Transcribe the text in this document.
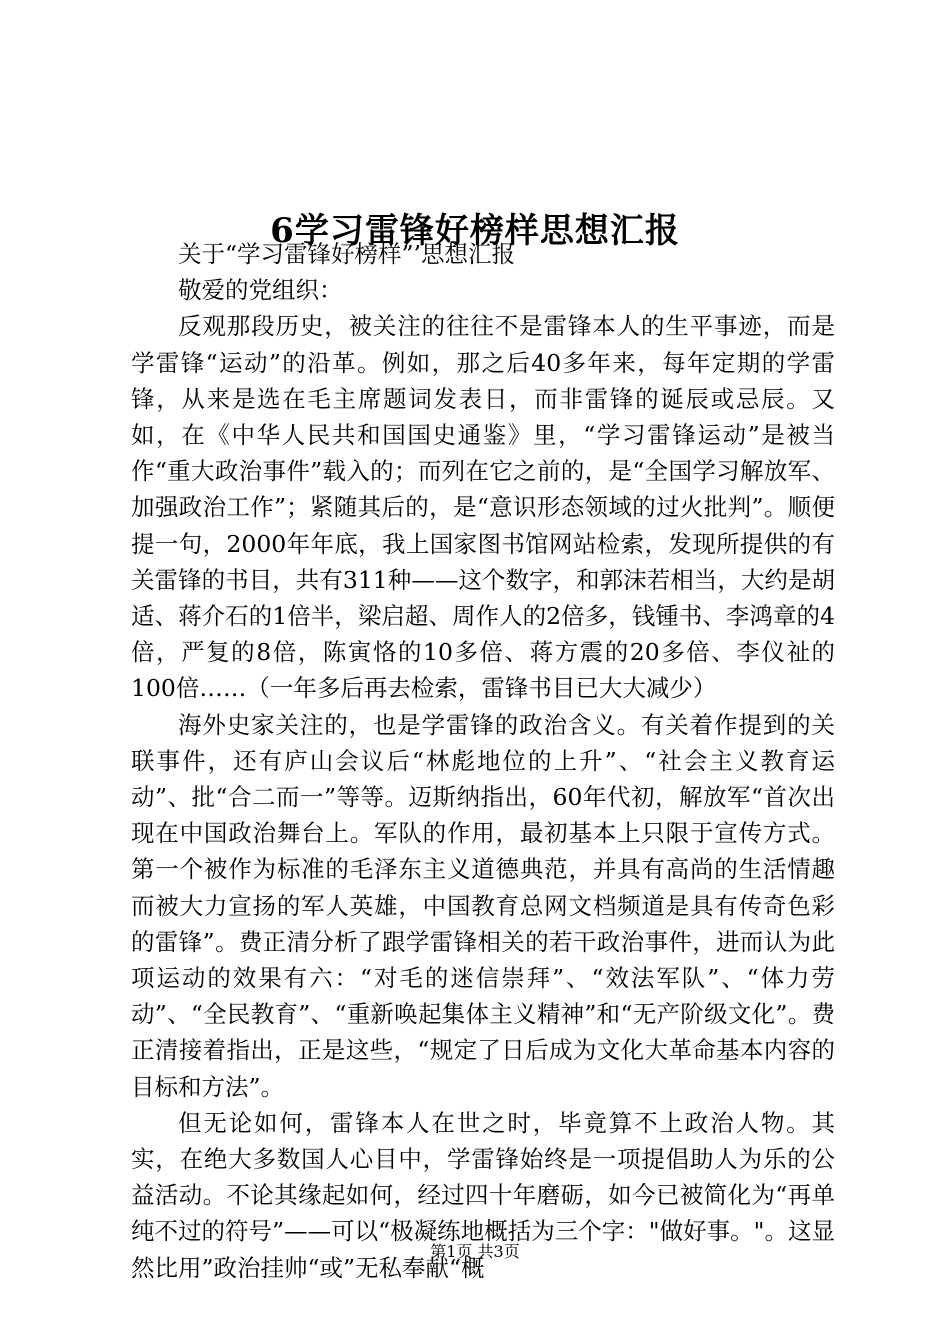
6学习雷锋好榜样思想汇报

关于“学习雷锋好榜样”’思想汇报

敬爱的党组织：

反观那段历史，被关注的往往不是雷锋本人的生平事迹，而是学雷锋“运动”的沿革。例如，那之后40多年来，每年定期的学雷锋，从来是选在毛主席题词发表日，而非雷锋的诞辰或忌辰。又如，在《中华人民共和国国史通鉴》里，“学习雷锋运动”是被当作“重大政治事件”载入的；而列在它之前的，是“全国学习解放军、加强政治工作”；紧随其后的，是“意识形态领域的过火批判”。顺便提一句，2000年年底，我上国家图书馆网站检索，发现所提供的有关雷锋的书目，共有311种——这个数字，和郭沫若相当，大约是胡适、蒋介石的1倍半，梁启超、周作人的2倍多，钱锺书、李鸿章的4倍，严复的8倍，陈寅恪的10多倍、蒋方震的20多倍、李仪祉的100倍……（一年多后再去检索，雷锋书目已大大减少）

海外史家关注的，也是学雷锋的政治含义。有关着作提到的关联事件，还有庐山会议后“林彪地位的上升”、“社会主义教育运动”、批“合二而一”等等。迈斯纳指出，60年代初，解放军“首次出现在中国政治舞台上。军队的作用，最初基本上只限于宣传方式。第一个被作为标准的毛泽东主义道德典范，并具有高尚的生活情趣而被大力宣扬的军人英雄，中国教育总网文档频道是具有传奇色彩的雷锋”。费正清分析了跟学雷锋相关的若干政治事件，进而认为此项运动的效果有六：“对毛的迷信崇拜”、“效法军队”、“体力劳动”、“全民教育”、“重新唤起集体主义精神”和“无产阶级文化”。费正清接着指出，正是这些，“规定了日后成为文化大革命基本内容的目标和方法”。

但无论如何，雷锋本人在世之时，毕竟算不上政治人物。其实，在绝大多数国人心目中，学雷锋始终是一项提倡助人为乐的公益活动。不论其缘起如何，经过四十年磨砺，如今已被简化为“再单纯不过的符号”——可以“极凝练地概括为三个字："做好事。"。这显然比用”政治挂帅“或”无私奉献“概

第1页 共3页
